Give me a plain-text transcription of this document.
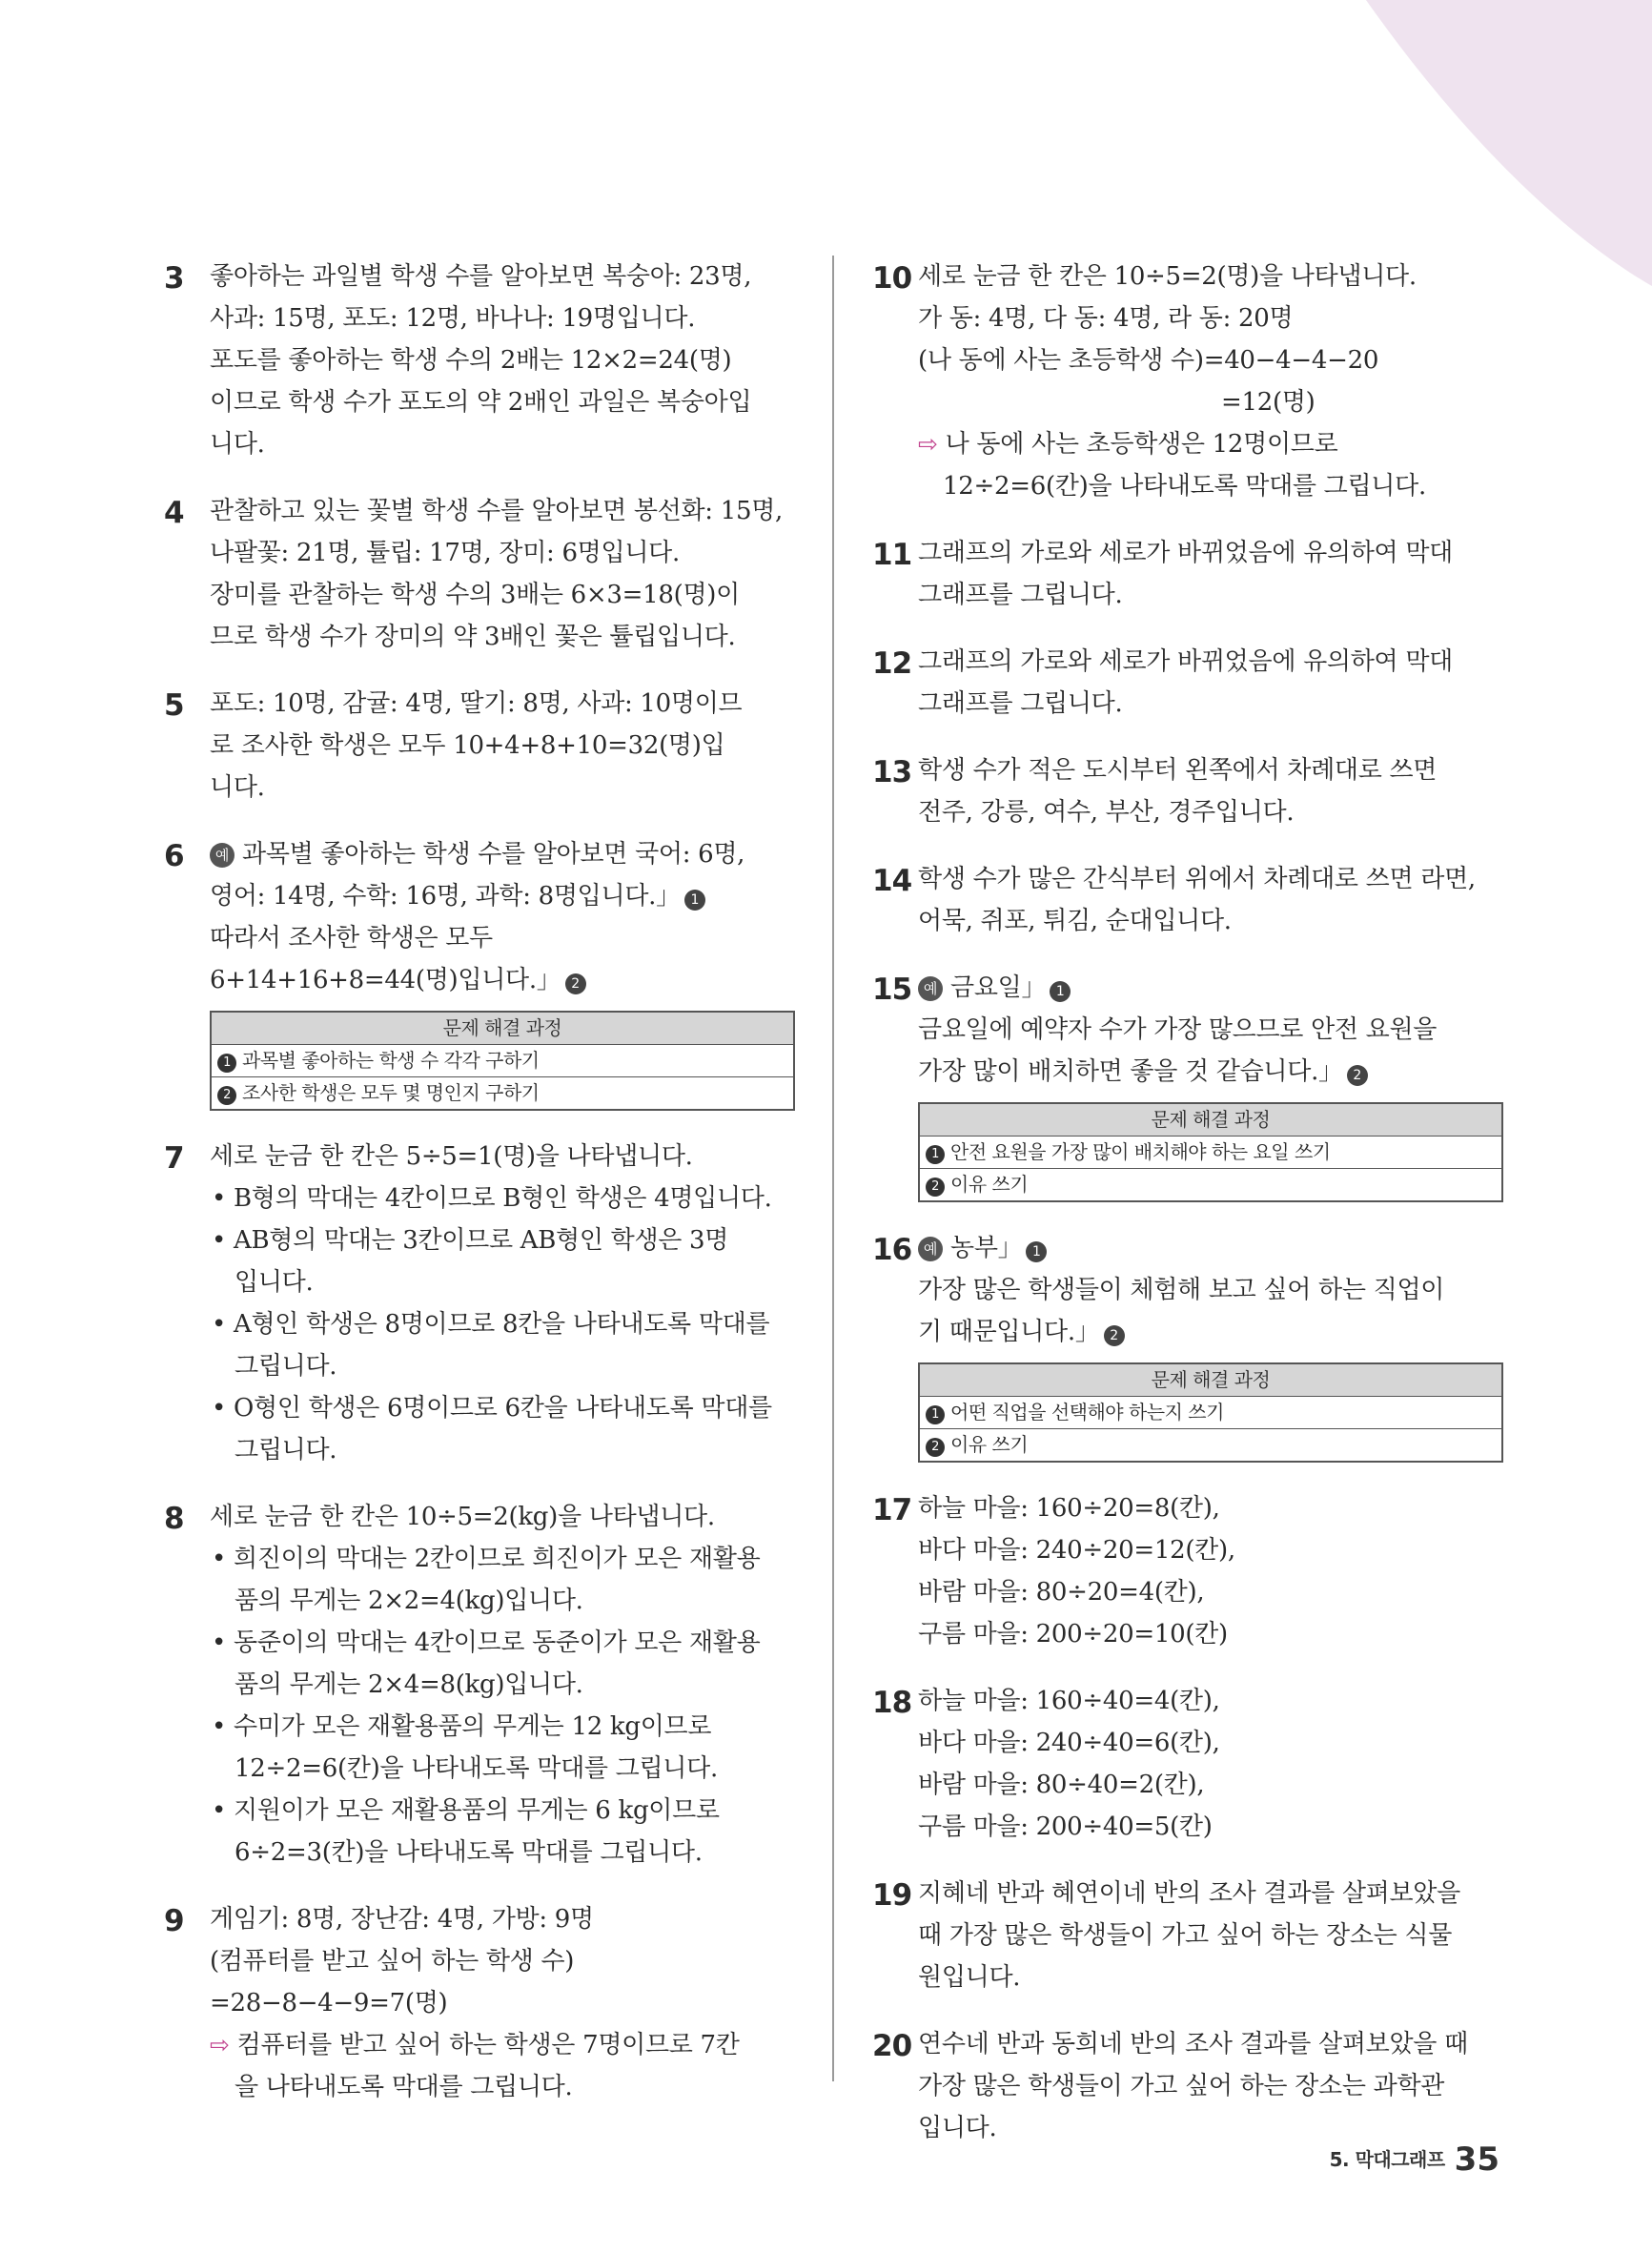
3 좋아하는 과일별 학생 수를 알아보면 복숭아: 23명,
사과: 15명, 포도: 12명, 바나나: 19명입니다.
포도를 좋아하는 학생 수의 2배는 12×2=24(명)
이므로 학생 수가 포도의 약 2배인 과일은 복숭아입
니다.
4 관찰하고 있는 꽃별 학생 수를 알아보면 봉선화: 15명,
나팔꽃: 21명, 튤립: 17명, 장미: 6명입니다.
장미를 관찰하는 학생 수의 3배는 6×3=18(명)이
므로 학생 수가 장미의 약 3배인 꽃은 튤립입니다.
5 포도: 10명, 감귤: 4명, 딸기: 8명, 사과: 10명이므
로 조사한 학생은 모두 10+4+8+10=32(명)입
니다.
6	예 과목별 좋아하는 학생 수를 알아보면 국어: 6명,
영어: 14명, 수학: 16명, 과학: 8명입니다.」 1
따라서 조사한 학생은 모두
6+14+16+8=44(명)입니다.」 2
문제 해결 과정
1 과목별 좋아하는 학생 수 각각 구하기
2 조사한 학생은 모두 몇 명인지 구하기
7 세로 눈금 한 칸은 5÷5=1(명)을 나타냅니다.
• B형의 막대는 4칸이므로 B형인 학생은 4명입니다.
• AB형의 막대는 3칸이므로 AB형인 학생은 3명
입니다.
• A형인 학생은 8명이므로 8칸을 나타내도록 막대를
그립니다.
• O형인 학생은 6명이므로 6칸을 나타내도록 막대를
그립니다.
8 세로 눈금 한 칸은 10÷5=2(kg)을 나타냅니다.
• 희진이의 막대는 2칸이므로 희진이가 모은 재활용
품의 무게는 2×2=4(kg)입니다.
• 동준이의 막대는 4칸이므로 동준이가 모은 재활용
품의 무게는 2×4=8(kg)입니다.
• 수미가 모은 재활용품의 무게는 12 kg이므로
12÷2=6(칸)을 나타내도록 막대를 그립니다.
• 지원이가 모은 재활용품의 무게는 6 kg이므로
6÷2=3(칸)을 나타내도록 막대를 그립니다.
9 게임기: 8명, 장난감: 4명, 가방: 9명
(컴퓨터를 받고 싶어 하는 학생 수)
=28−8−4−9=7(명)
⇨ 컴퓨터를 받고 싶어 하는 학생은 7명이므로 7칸
을 나타내도록 막대를 그립니다.
10 세로 눈금 한 칸은 10÷5=2(명)을 나타냅니다.
가 동: 4명, 다 동: 4명, 라 동: 20명
(나 동에 사는 초등학생 수)=40−4−4−20
=12(명)
⇨ 나 동에 사는 초등학생은 12명이므로
12÷2=6(칸)을 나타내도록 막대를 그립니다.
11 그래프의 가로와 세로가 바뀌었음에 유의하여 막대
그래프를 그립니다.
12 그래프의 가로와 세로가 바뀌었음에 유의하여 막대
그래프를 그립니다.
13 학생 수가 적은 도시부터 왼쪽에서 차례대로 쓰면
전주, 강릉, 여수, 부산, 경주입니다.
14 학생 수가 많은 간식부터 위에서 차례대로 쓰면 라면,
어묵, 쥐포, 튀김, 순대입니다.
15 예 금요일」 1
금요일에 예약자 수가 가장 많으므로 안전 요원을
가장 많이 배치하면 좋을 것 같습니다.」 2
문제 해결 과정
1 안전 요원을 가장 많이 배치해야 하는 요일 쓰기
2 이유 쓰기
16 예 농부」 1
가장 많은 학생들이 체험해 보고 싶어 하는 직업이
기 때문입니다.」 2
문제 해결 과정
1 어떤 직업을 선택해야 하는지 쓰기
2 이유 쓰기
17 하늘 마을: 160÷20=8(칸),
바다 마을: 240÷20=12(칸),
바람 마을: 80÷20=4(칸),
구름 마을: 200÷20=10(칸)
18 하늘 마을: 160÷40=4(칸),
바다 마을: 240÷40=6(칸),
바람 마을: 80÷40=2(칸),
구름 마을: 200÷40=5(칸)
19 지혜네 반과 혜연이네 반의 조사 결과를 살펴보았을
때 가장 많은 학생들이 가고 싶어 하는 장소는 식물
원입니다.
20 연수네 반과 동희네 반의 조사 결과를 살펴보았을 때
가장 많은 학생들이 가고 싶어 하는 장소는 과학관
입니다.
5. 막대그래프 35
